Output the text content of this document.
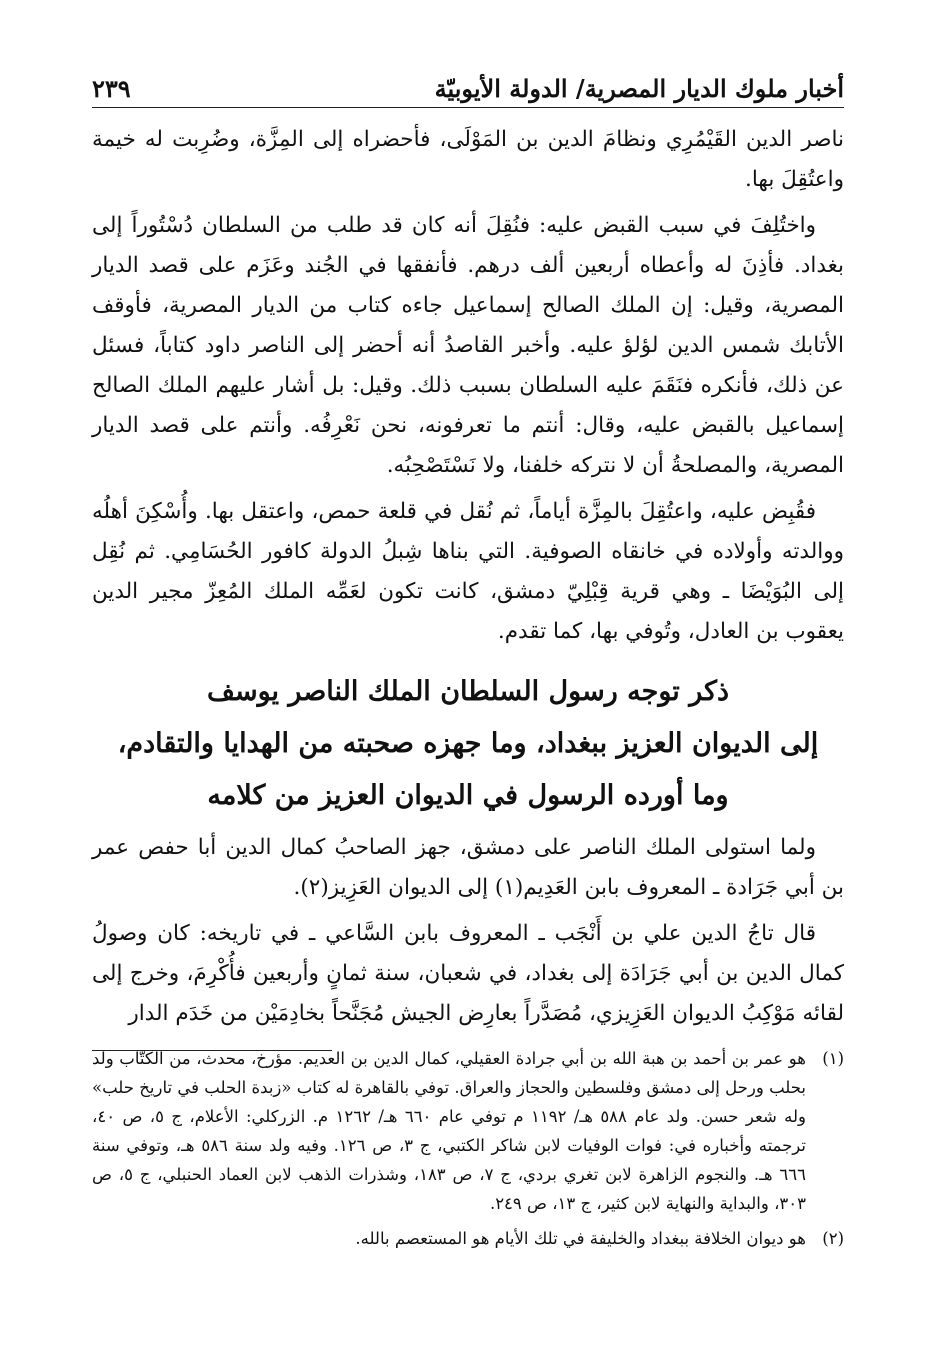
أخبار ملوك الديار المصرية/ الدولة الأيوبيّة
٢٣٩

ناصر الدين القَيْمُرِي ونظامَ الدين بن المَوْلَى، فأحضراه إلى المِزَّة، وضُرِبت له خيمة واعتُقِلَ بها.

واختُلِفَ في سبب القبض عليه: فنُقِلَ أنه كان قد طلب من السلطان دُسْتُوراً إلى بغداد. فأذِنَ له وأعطاه أربعين ألف درهم. فأنفقها في الجُند وعَزَم على قصد الديار المصرية، وقيل: إن الملك الصالح إسماعيل جاءه كتاب من الديار المصرية، فأوقف الأتابك شمس الدين لؤلؤ عليه. وأخبر القاصدُ أنه أحضر إلى الناصر داود كتاباً، فسئل عن ذلك، فأنكره فنَقَمَ عليه السلطان بسبب ذلك. وقيل: بل أشار عليهم الملك الصالح إسماعيل بالقبض عليه، وقال: أنتم ما تعرفونه، نحن نَعْرِفُه. وأنتم على قصد الديار المصرية، والمصلحةُ أن لا نتركه خلفنا، ولا نَسْتَصْحِبُه.

فقُبِض عليه، واعتُقِلَ بالمِزَّة أياماً، ثم نُقل في قلعة حمص، واعتقل بها. وأُسْكِنَ أهلُه ووالدته وأولاده في خانقاه الصوفية. التي بناها شِبلُ الدولة كافور الحُسَامِي. ثم نُقِل إلى البُوَيْضَا ـ وهي قرية قِبْلِيّ دمشق، كانت تكون لعَمِّه الملك المُعِزّ مجير الدين يعقوب بن العادل، وتُوفي بها، كما تقدم.

ذكر توجه رسول السلطان الملك الناصر يوسف
إلى الديوان العزيز ببغداد، وما جهزه صحبته من الهدايا والتقادم،
وما أورده الرسول في الديوان العزيز من كلامه

ولما استولى الملك الناصر على دمشق، جهز الصاحبُ كمال الدين أبا حفص عمر بن أبي جَرَادة ـ المعروف بابن العَدِيم(١) إلى الديوان العَزِيز(٢).

قال تاجُ الدين علي بن أَنْجَب ـ المعروف بابن السَّاعي ـ في تاريخه: كان وصولُ كمال الدين بن أبي جَرَادَة إلى بغداد، في شعبان، سنة ثمانٍ وأربعين فأُكْرِمَ، وخرج إلى لقائه مَوْكِبُ الديوان العَزِيزي، مُصَدَّراً بعارِض الجيش مُجَنَّحاً بخادِمَيْن من خَدَم الدار

(١)
هو عمر بن أحمد بن هبة الله بن أبي جرادة العقيلي، كمال الدين بن العديم. مؤرخ، محدث، من الكتّاب ولد بحلب ورحل إلى دمشق وفلسطين والحجاز والعراق. توفي بالقاهرة له كتاب «زبدة الحلب في تاريخ حلب» وله شعر حسن. ولد عام ٥٨٨ هـ/ ١١٩٢ م توفي عام ٦٦٠ هـ/ ١٢٦٢ م. الزركلي: الأعلام، ج ٥، ص ٤٠، ترجمته وأخباره في: فوات الوفيات لابن شاكر الكتبي، ج ٣، ص ١٢٦. وفيه ولد سنة ٥٨٦ هـ، وتوفي سنة ٦٦٦ هـ. والنجوم الزاهرة لابن تغري بردي، ج ٧، ص ١٨٣، وشذرات الذهب لابن العماد الحنبلي، ج ٥، ص ٣٠٣، والبداية والنهاية لابن كثير، ج ١٣، ص ٢٤٩.
(٢)
هو ديوان الخلافة ببغداد والخليفة في تلك الأيام هو المستعصم بالله.
